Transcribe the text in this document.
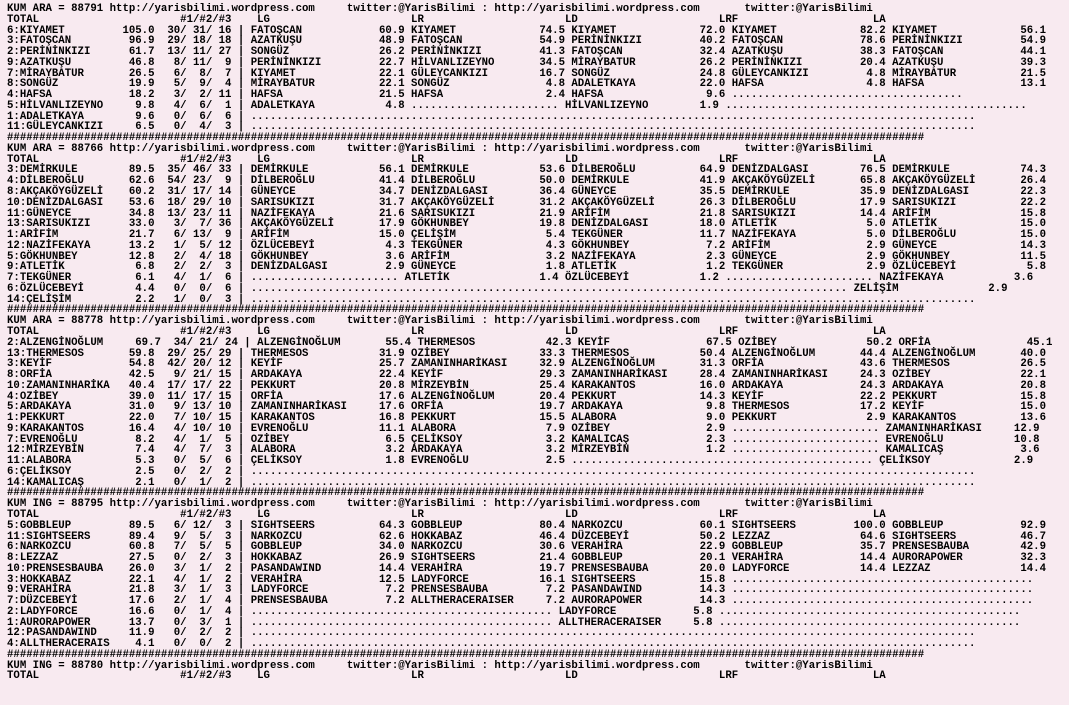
KUM ARA = 88791 http://yarisbilimi.wordpress.com     twitter:@YarisBilimi : http://yarisbilimi.wordpress.com       twitter:@YarisBilimi
TOTAL                      #1/#2/#3    LG                      LR                      LD                      LRF                     LA
6:KIYAMET         105.0  30/ 31/ 16 | FATOŞCAN            60.9 KIYAMET             74.5 KIYAMET             72.0 KIYAMET             82.2 KIYAMET             56.1
3:FATOŞCAN         96.9  29/ 18/ 18 | AZATKUŞU            48.9 FATOŞCAN            54.9 PERİNİNKIZI         40.2 FATOŞCAN            78.6 PERİNİNKIZI         54.9
2:PERİNİNKIZI      61.7  13/ 11/ 27 | SONGÜZ              26.2 PERİNİNKIZI         41.3 FATOŞCAN            32.4 AZATKUŞU            38.3 FATOŞCAN            44.1
9:AZATKUŞU         46.8   8/ 11/  9 | PERİNİNKIZI         22.7 HİLVANLIZEYNO       34.5 MİRAYBATUR          26.2 PERİNİNKIZI         20.4 AZATKUŞU            39.3
7:MİRAYBATUR       26.5   6/  8/  7 | KIYAMET             22.1 GÜLEYCANKIZI        16.7 SONGÜZ              24.8 GÜLEYCANKIZI         4.8 MİRAYBATUR          21.5
8:SONGÜZ           19.9   5/  9/  4 | MİRAYBATUR          22.1 SONGÜZ               4.8 ADALETKAYA          22.0 HAFSA                4.8 HAFSA               13.1
4:HAFSA            18.2   3/  2/ 11 | HAFSA               21.5 HAFSA                2.4 HAFSA                9.6 ....................................
5:HİLVANLIZEYNO     9.8   4/  6/  1 | ADALETKAYA           4.8 ....................... HİLVANLIZEYNO        1.9 ...............................................
1:ADALETKAYA        9.6   0/  6/  6 | .................................................................................................................
11:GÜLEYCANKIZI     6.5   0/  4/  3 | .................................................................................................................
###############################################################################################################################################
KUM ARA = 88766 http://yarisbilimi.wordpress.com     twitter:@YarisBilimi : http://yarisbilimi.wordpress.com       twitter:@YarisBilimi
TOTAL                      #1/#2/#3    LG                      LR                      LD                      LRF                     LA
3:DEMİRKULE        89.5  35/ 46/ 33 | DEMİRKULE           56.1 DEMİRKULE           53.6 DİLBEROĞLU          64.9 DENİZDALGASI        76.5 DEMİRKULE           74.3
4:DİLBEROĞLU       62.6  54/ 23/  9 | DİLBEROĞLU          41.4 DİLBEROĞLU          50.0 DEMİRKULE           41.9 AKÇAKÖYGÜZELİ       65.8 AKÇAKÖYGÜZELİ       26.4
8:AKÇAKÖYGÜZELİ    60.2  31/ 17/ 14 | GÜNEYCE             34.7 DENİZDALGASI        36.4 GÜNEYCE             35.5 DEMİRKULE           35.9 DENİZDALGASI        22.3
10:DENİZDALGASI    53.6  18/ 29/ 10 | SARISUKIZI          31.7 AKÇAKÖYGÜZELİ       31.2 AKÇAKÖYGÜZELİ       26.3 DİLBEROĞLU          17.9 SARISUKIZI          22.2
11:GÜNEYCE         34.8  13/ 23/ 11 | NAZİFEKAYA          21.6 SARISUKIZI          21.9 ARİFİM              21.8 SARISUKIZI          14.4 ARİFİM              15.8
13:SARISUKIZI      33.0   3/  7/ 36 | AKÇAKÖYGÜZELİ       17.9 GÖKHUNBEY           19.8 DENİZDALGASI        18.0 ATLETİK              5.0 ATLETİK             15.0
1:ARİFİM           21.7   6/ 13/  9 | ARİFİM              15.0 ÇELİŞİM              5.4 TEKGÜNER            11.7 NAZİFEKAYA           5.0 DİLBEROĞLU          15.0
12:NAZİFEKAYA      13.2   1/  5/ 12 | ÖZLÜCEBEYİ           4.3 TEKGÜNER             4.3 GÖKHUNBEY            7.2 ARİFİM               2.9 GÜNEYCE             14.3
5:GÖKHUNBEY        12.8   2/  4/ 18 | GÖKHUNBEY            3.6 ARİFİM               3.2 NAZİFEKAYA           2.3 GÜNEYCE              2.9 GÖKHUNBEY           11.5
9:ATLETİK           6.8   2/  2/  3 | DENİZDALGASI         2.9 GÜNEYCE              1.8 ATLETİK              1.2 TEKGÜNER             2.9 ÖZLÜCEBEYİ           5.8
7:TEKGÜNER          6.1   4/  1/  6 | ....................... ATLETİK              1.4 ÖZLÜCEBEYİ           1.2 ....................... NAZİFEKAYA           3.6
6:ÖZLÜCEBEYİ        4.4   0/  0/  6 | ............................................................................................. ZELİŞİM              2.9
14:ÇELİŞİM          2.2   1/  0/  3 | .................................................................................................................
###############################################################################################################################################
KUM ARA = 88778 http://yarisbilimi.wordpress.com     twitter:@YarisBilimi : http://yarisbilimi.wordpress.com       twitter:@YarisBilimi
TOTAL                      #1/#2/#3    LG                      LR                      LD                      LRF                     LA
2:ALZENGİNOĞLUM     69.7  34/ 21/ 24 | ALZENGİNOĞLUM       55.4 THERMESOS           42.3 KEYİF               67.5 OZİBEY              50.2 ORFİA               45.1
13:THERMESOS       59.8  29/ 25/ 29 | THERMESOS           31.9 OZİBEY              33.3 THERMESOS           50.4 ALZENGİNOĞLUM       44.4 ALZENGİNOĞLUM       40.0
3:KEYİF            54.8  42/ 20/ 12 | KEYİF               25.7 ZAMANINHARİKASI     32.9 ALZENGİNOĞLUM       31.3 ORFİA               43.6 THERMESOS           26.5
8:ORFİA            42.5   9/ 21/ 15 | ARDAKAYA            22.4 KEYİF               29.3 ZAMANINHARİKASI     28.4 ZAMANINHARİKASI     24.3 OZİBEY              22.1
10:ZAMANINHARİKA   40.4  17/ 17/ 22 | PEKKURT             20.8 MİRZEYBİN           25.4 KARAKANTOS          16.0 ARDAKAYA            24.3 ARDAKAYA            20.8
4:OZİBEY           39.0  11/ 17/ 15 | ORFİA               17.6 ALZENGİNOĞLUM       20.4 PEKKURT             14.3 KEYİF               22.2 PEKKURT             15.8
5:ARDAKAYA         31.0   9/ 13/ 10 | ZAMANINHARİKASI     17.6 ORFİA               19.7 ARDAKAYA             9.8 THERMESOS           17.2 KEYİF               15.0
1:PEKKURT          22.0   7/ 10/ 15 | KARAKANTOS          16.8 PEKKURT             15.5 ALABORA              9.0 PEKKURT              2.9 KARAKANTOS          13.6
9:KARAKANTOS       16.4   4/ 10/ 10 | EVRENOĞLU           11.1 ALABORA              7.9 OZİBEY               2.9 ....................... ZAMANINHARİKASI     12.9
7:EVRENOĞLU         8.2   4/  1/  5 | OZİBEY               6.5 ÇELİKSOY             3.2 KAMALICAŞ            2.3 ....................... EVRENOĞLU           10.8
12:MİRZEYBİN        7.4   4/  7/  3 | ALABORA              3.2 ARDAKAYA             3.2 MİRZEYBİN            1.2 ....................... KAMALICAŞ            3.6
11:ALABORA          5.3   0/  5/  6 | ÇELİKSOY             1.8 EVRENOĞLU            2.5 ............................................... ÇELİKSOY             2.9
6:ÇELİKSOY          2.5   0/  2/  2 | .................................................................................................................
14:KAMALICAŞ        2.1   0/  1/  2 | .................................................................................................................
###############################################################################################################################################
KUM ING = 88795 http://yarisbilimi.wordpress.com     twitter:@YarisBilimi : http://yarisbilimi.wordpress.com       twitter:@YarisBilimi
TOTAL                      #1/#2/#3    LG                      LR                      LD                      LRF                     LA
5:GOBBLEUP         89.5   6/ 12/  3 | SIGHTSEERS          64.3 GOBBLEUP            80.4 NARKOZCU            60.1 SIGHTSEERS         100.0 GOBBLEUP            92.9
11:SIGHTSEERS      89.4   9/  5/  3 | NARKOZCU            62.6 HOKKABAZ            46.4 DÜZCEBEYİ           50.2 LEZZAZ              64.6 SIGHTSEERS          46.7
6:NARKOZCU         60.8   7/  5/  5 | GOBBLEUP            34.0 NARKOZCU            30.6 VERAHİRA            22.9 GOBBLEUP            35.7 PRENSESBAUBA        42.9
8:LEZZAZ           27.5   0/  2/  3 | HOKKABAZ            26.9 SIGHTSEERS          21.4 GOBBLEUP            20.1 VERAHİRA            14.4 AURORAPOWER         32.3
10:PRENSESBAUBA    26.0   3/  1/  2 | PASANDAWIND         14.4 VERAHİRA            19.7 PRENSESBAUBA        20.0 LADYFORCE           14.4 LEZZAZ              14.4
3:HOKKABAZ         22.1   4/  1/  2 | VERAHİRA            12.5 LADYFORCE           16.1 SIGHTSEERS          15.8 ...............................................
9:VERAHİRA         21.8   3/  1/  3 | LADYFORCE            7.2 PRENSESBAUBA         7.2 PASANDAWIND         14.3 ...............................................
7:DÜZCEBEYİ        17.6   2/  1/  4 | PRENSESBAUBA         7.2 ALLTHERACERAISER     7.2 AURORAPOWER         14.3 ...............................................
2:LADYFORCE        16.6   0/  1/  4 | ............................................... LADYFORCE            5.8 ...............................................
1:AURORAPOWER      13.7   0/  3/  1 | ............................................... ALLTHERACERAISER     5.8 ...............................................
12:PASANDAWIND     11.9   0/  2/  2 | .................................................................................................................
4:ALLTHERACERAIS    4.1   0/  0/  2 | .................................................................................................................
###############################################################################################################################################
KUM ING = 88780 http://yarisbilimi.wordpress.com     twitter:@YarisBilimi : http://yarisbilimi.wordpress.com       twitter:@YarisBilimi
TOTAL                      #1/#2/#3    LG                      LR                      LD                      LRF                     LA
